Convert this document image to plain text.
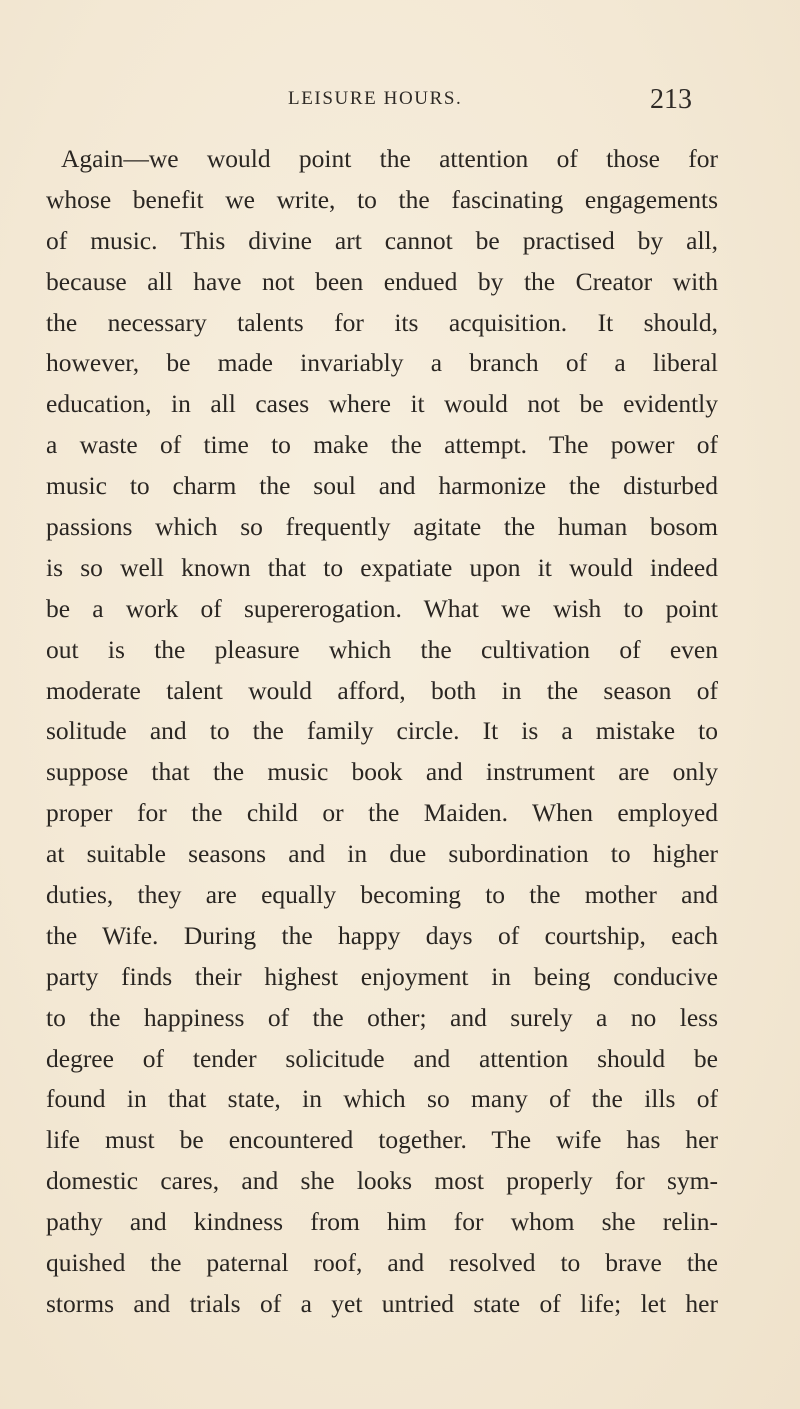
LEISURE HOURS.	213
Again—we would point the attention of those for
whose benefit we write, to the fascinating engagements
of music. This divine art cannot be practised by all,
because all have not been endued by the Creator with
the necessary talents for its acquisition. It should,
however, be made invariably a branch of a liberal
education, in all cases where it would not be evidently
a waste of time to make the attempt. The power of
music to charm the soul and harmonize the disturbed
passions which so frequently agitate the human bosom
is so well known that to expatiate upon it would indeed
be a work of supererogation. What we wish to point
out is the pleasure which the cultivation of even
moderate talent would afford, both in the season of
solitude and to the family circle. It is a mistake to
suppose that the music book and instrument are only
proper for the child or the Maiden. When employed
at suitable seasons and in due subordination to higher
duties, they are equally becoming to the mother and
the Wife. During the happy days of courtship, each
party finds their highest enjoyment in being conducive
to the happiness of the other; and surely a no less
degree of tender solicitude and attention should be
found in that state, in which so many of the ills of
life must be encountered together. The wife has her
domestic cares, and she looks most properly for sym-
pathy and kindness from him for whom she relin-
quished the paternal roof, and resolved to brave the
storms and trials of a yet untried state of life; let her
